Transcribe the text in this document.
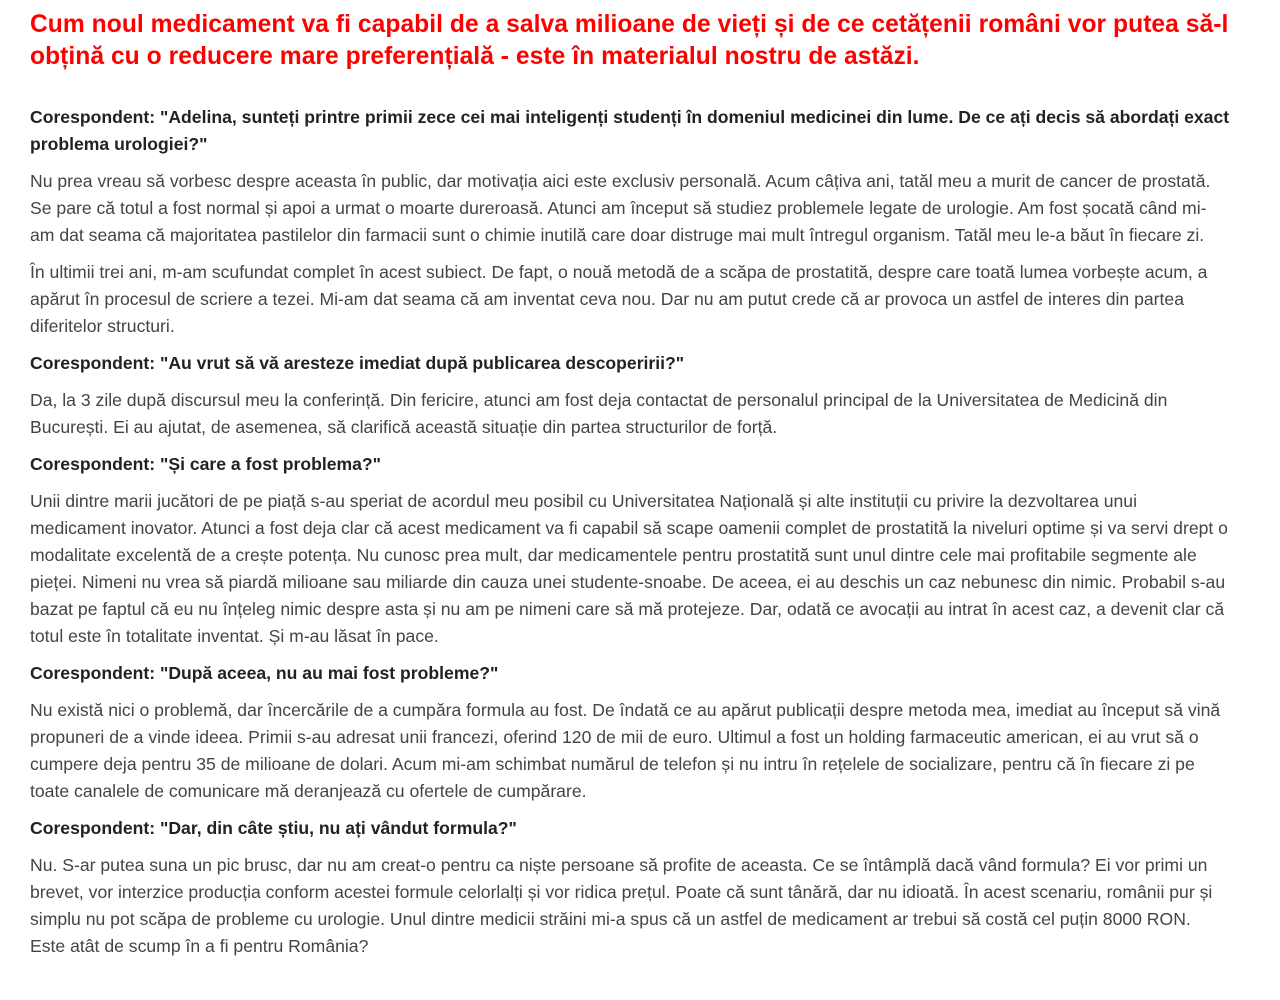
Cum noul medicament va fi capabil de a salva milioane de vieți și de ce cetățenii români vor putea să-l obțină cu o reducere mare preferențială - este în materialul nostru de astăzi.

Corespondent: "Adelina, sunteți printre primii zece cei mai inteligenți studenți în domeniul medicinei din lume. De ce ați decis să abordați exact problema urologiei?"

Nu prea vreau să vorbesc despre aceasta în public, dar motivația aici este exclusiv personală. Acum câțiva ani, tatăl meu a murit de cancer de prostată. Se pare că totul a fost normal și apoi a urmat o moarte dureroasă. Atunci am început să studiez problemele legate de urologie. Am fost șocată când mi-am dat seama că majoritatea pastilelor din farmacii sunt o chimie inutilă care doar distruge mai mult întregul organism. Tatăl meu le-a băut în fiecare zi.

În ultimii trei ani, m-am scufundat complet în acest subiect. De fapt, o nouă metodă de a scăpa de prostatită, despre care toată lumea vorbește acum, a apărut în procesul de scriere a tezei. Mi-am dat seama că am inventat ceva nou. Dar nu am putut crede că ar provoca un astfel de interes din partea diferitelor structuri.

Corespondent: "Au vrut să vă aresteze imediat după publicarea descoperirii?"

Da, la 3 zile după discursul meu la conferință. Din fericire, atunci am fost deja contactat de personalul principal de la Universitatea de Medicină din București. Ei au ajutat, de asemenea, să clarifică această situație din partea structurilor de forță.

Corespondent: "Și care a fost problema?"

Unii dintre marii jucători de pe piață s-au speriat de acordul meu posibil cu Universitatea Națională și alte instituții cu privire la dezvoltarea unui medicament inovator. Atunci a fost deja clar că acest medicament va fi capabil să scape oamenii complet de prostatită la niveluri optime și va servi drept o modalitate excelentă de a crește potența. Nu cunosc prea mult, dar medicamentele pentru prostatită sunt unul dintre cele mai profitabile segmente ale pieței. Nimeni nu vrea să piardă milioane sau miliarde din cauza unei studente-snoabe. De aceea, ei au deschis un caz nebunesc din nimic. Probabil s-au bazat pe faptul că eu nu înțeleg nimic despre asta și nu am pe nimeni care să mă protejeze. Dar, odată ce avocații au intrat în acest caz, a devenit clar că totul este în totalitate inventat. Și m-au lăsat în pace.

Corespondent: "După aceea, nu au mai fost probleme?"

Nu există nici o problemă, dar încercările de a cumpăra formula au fost. De îndată ce au apărut publicații despre metoda mea, imediat au început să vină propuneri de a vinde ideea. Primii s-au adresat unii francezi, oferind 120 de mii de euro. Ultimul a fost un holding farmaceutic american, ei au vrut să o cumpere deja pentru 35 de milioane de dolari. Acum mi-am schimbat numărul de telefon și nu intru în rețelele de socializare, pentru că în fiecare zi pe toate canalele de comunicare mă deranjează cu ofertele de cumpărare.

Corespondent: "Dar, din câte știu, nu ați vândut formula?"

Nu. S-ar putea suna un pic brusc, dar nu am creat-o pentru ca niște persoane să profite de aceasta. Ce se întâmplă dacă vând formula? Ei vor primi un brevet, vor interzice producția conform acestei formule celorlalți și vor ridica prețul. Poate că sunt tânără, dar nu idioată. În acest scenariu, românii pur și simplu nu pot scăpa de probleme cu urologie. Unul dintre medicii străini mi-a spus că un astfel de medicament ar trebui să costă cel puțin 8000 RON. Este atât de scump în a fi pentru România?
